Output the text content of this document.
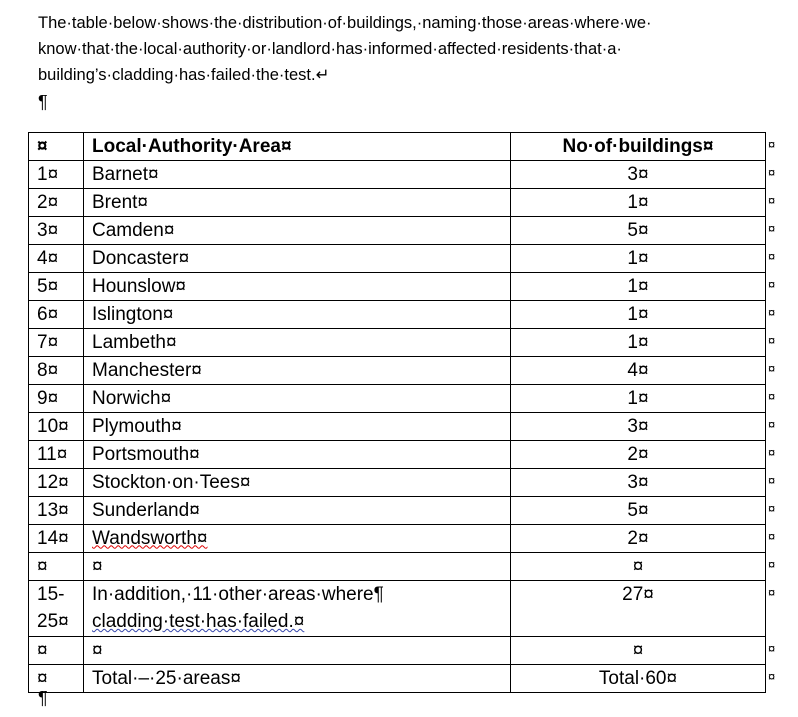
The·table·below·shows·the·distribution·of·buildings,·naming·those·areas·where·we·
know·that·the·local·authority·or·landlord·has·informed·affected·residents·that·a·
building’s·cladding·has·failed·the·test.↵
¶
¤	Local·Authority·Area¤	No·of·buildings¤
1¤	Barnet¤	3¤
2¤	Brent¤	1¤
3¤	Camden¤	5¤
4¤	Doncaster¤	1¤
5¤	Hounslow¤	1¤
6¤	Islington¤	1¤
7¤	Lambeth¤	1¤
8¤	Manchester¤	4¤
9¤	Norwich¤	1¤
10¤	Plymouth¤	3¤
11¤	Portsmouth¤	2¤
12¤	Stockton·on·Tees¤	3¤
13¤	Sunderland¤	5¤
14¤	Wandsworth¤	2¤
¤	¤	¤
15-
25¤	In·addition,·11·other·areas·where¶
cladding·test·has·failed.¤	27¤
¤	¤	¤
¤	Total·–·25·areas¤	Total·60¤
¤
¤
¤
¤
¤
¤
¤
¤
¤
¤
¤
¤
¤
¤
¤
¤
¤
¤
¤
¶
